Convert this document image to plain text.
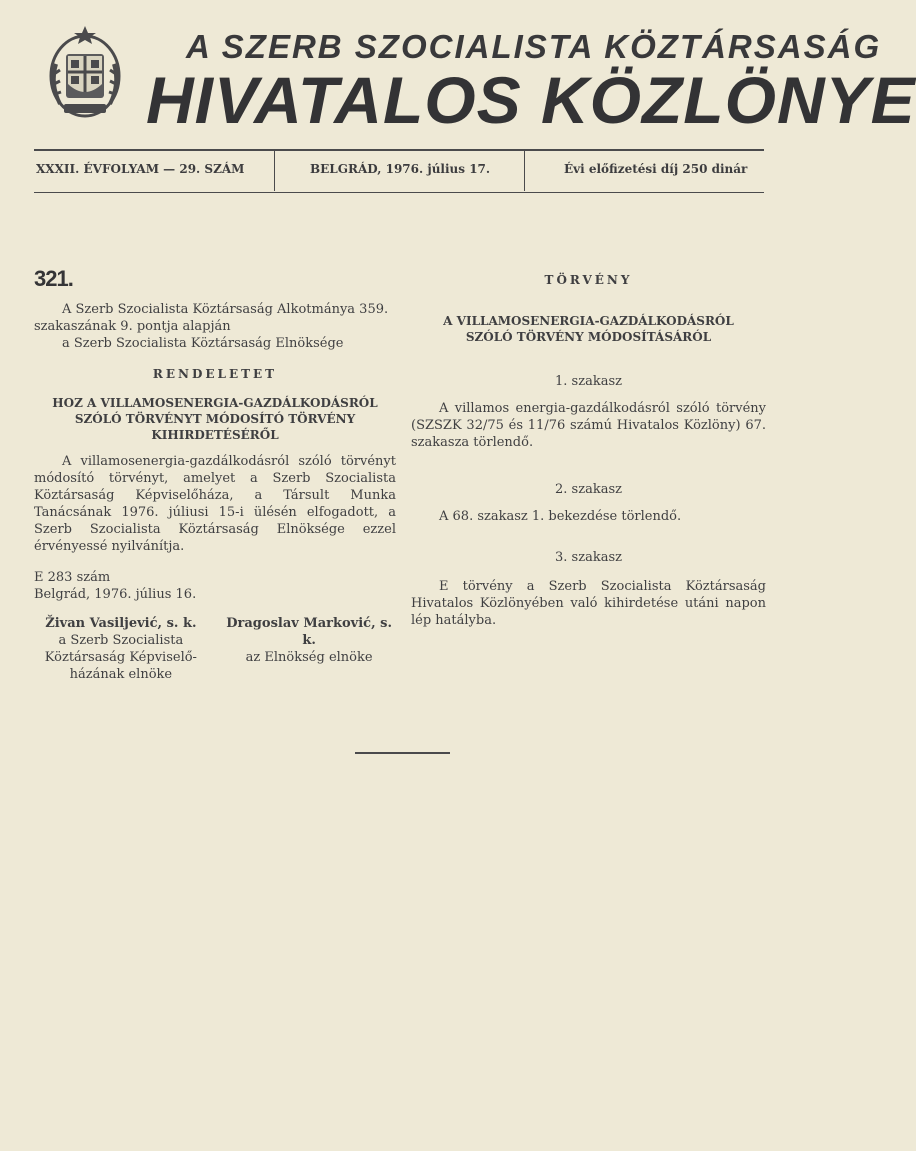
A SZERB SZOCIALISTA KÖZTÁRSASÁG
HIVATALOS KÖZLÖNYE
XXXII. ÉVFOLYAM — 29. SZÁM	BELGRÁD, 1976. július 17.	Évi előfizetési díj 250 dinár
321.

A Szerb Szocialista Köztársaság Alkotmánya 359.

szakaszának 9. pontja alapján

a Szerb Szocialista Köztársaság Elnöksége

RENDELETET
HOZ A VILLAMOSENERGIA-GAZDÁLKODÁSRÓL SZÓLÓ TÖRVÉNYT MÓDOSÍTÓ TÖRVÉNY KIHIRDETÉSÉRŐL

A villamosenergia-gazdálkodásról szóló törvényt módosító törvényt, amelyet a Szerb Szocialista Köztársaság Képviselőháza, a Társult Munka Tanácsának 1976. júliusi 15-i ülésén elfogadott, a Szerb Szocialista Köztársaság Elnöksége ezzel érvényessé nyilvánítja.

E 283 szám
Belgrád, 1976. július 16.
Živan Vasiljević, s. k.
a Szerb Szocialista
Köztársaság Képviselő-
házának elnöke
Dragoslav Marković, s. k.
az Elnökség elnöke
TÖRVÉNY
A VILLAMOSENERGIA-GAZDÁLKODÁSRÓL SZÓLÓ TÖRVÉNY MÓDOSÍTÁSÁRÓL

1. szakasz

A villamos energia-gazdálkodásról szóló törvény (SZSZK 32/75 és 11/76 számú Hivatalos Közlöny) 67. szakasza törlendő.

2. szakasz

A 68. szakasz 1. bekezdése törlendő.

3. szakasz

E törvény a Szerb Szocialista Köztársaság Hivatalos Közlönyében való kihirdetése utáni napon lép hatályba.
